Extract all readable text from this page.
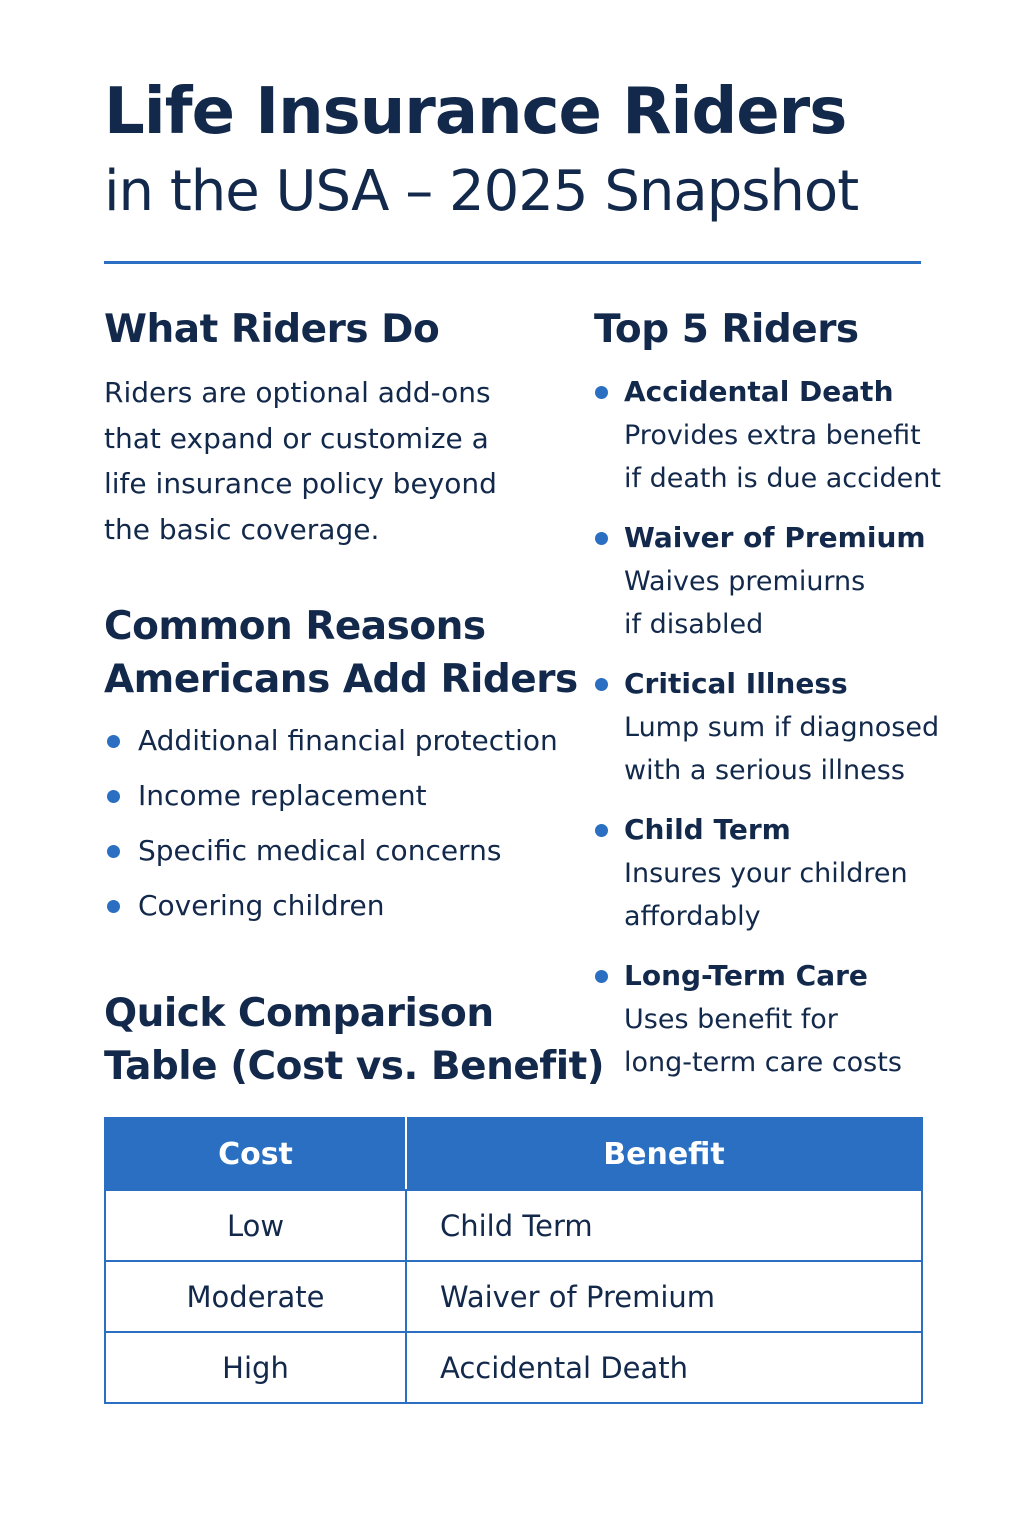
Life Insurance Riders
in the USA – 2025 Snapshot
What Riders Do
Riders are optional add-ons
that expand or customize a
life insurance policy beyond
the basic coverage.
Common Reasons
Americans Add Riders
Additional financial protection
Income replacement
Specific medical concerns
Covering children
Quick Comparison
Table (Cost vs. Benefit)
Top 5 Riders
Accidental Death
Provides extra benefit
if death is due accident
Waiver of Premium
Waives premiurns
if disabled
Critical Illness
Lump sum if diagnosed
with a serious illness
Child Term
Insures your children
affordably
Long-Term Care
Uses benefit for
long-term care costs
Cost	Benefit
Low	Child Term
Moderate	Waiver of Premium
High	Accidental Death
